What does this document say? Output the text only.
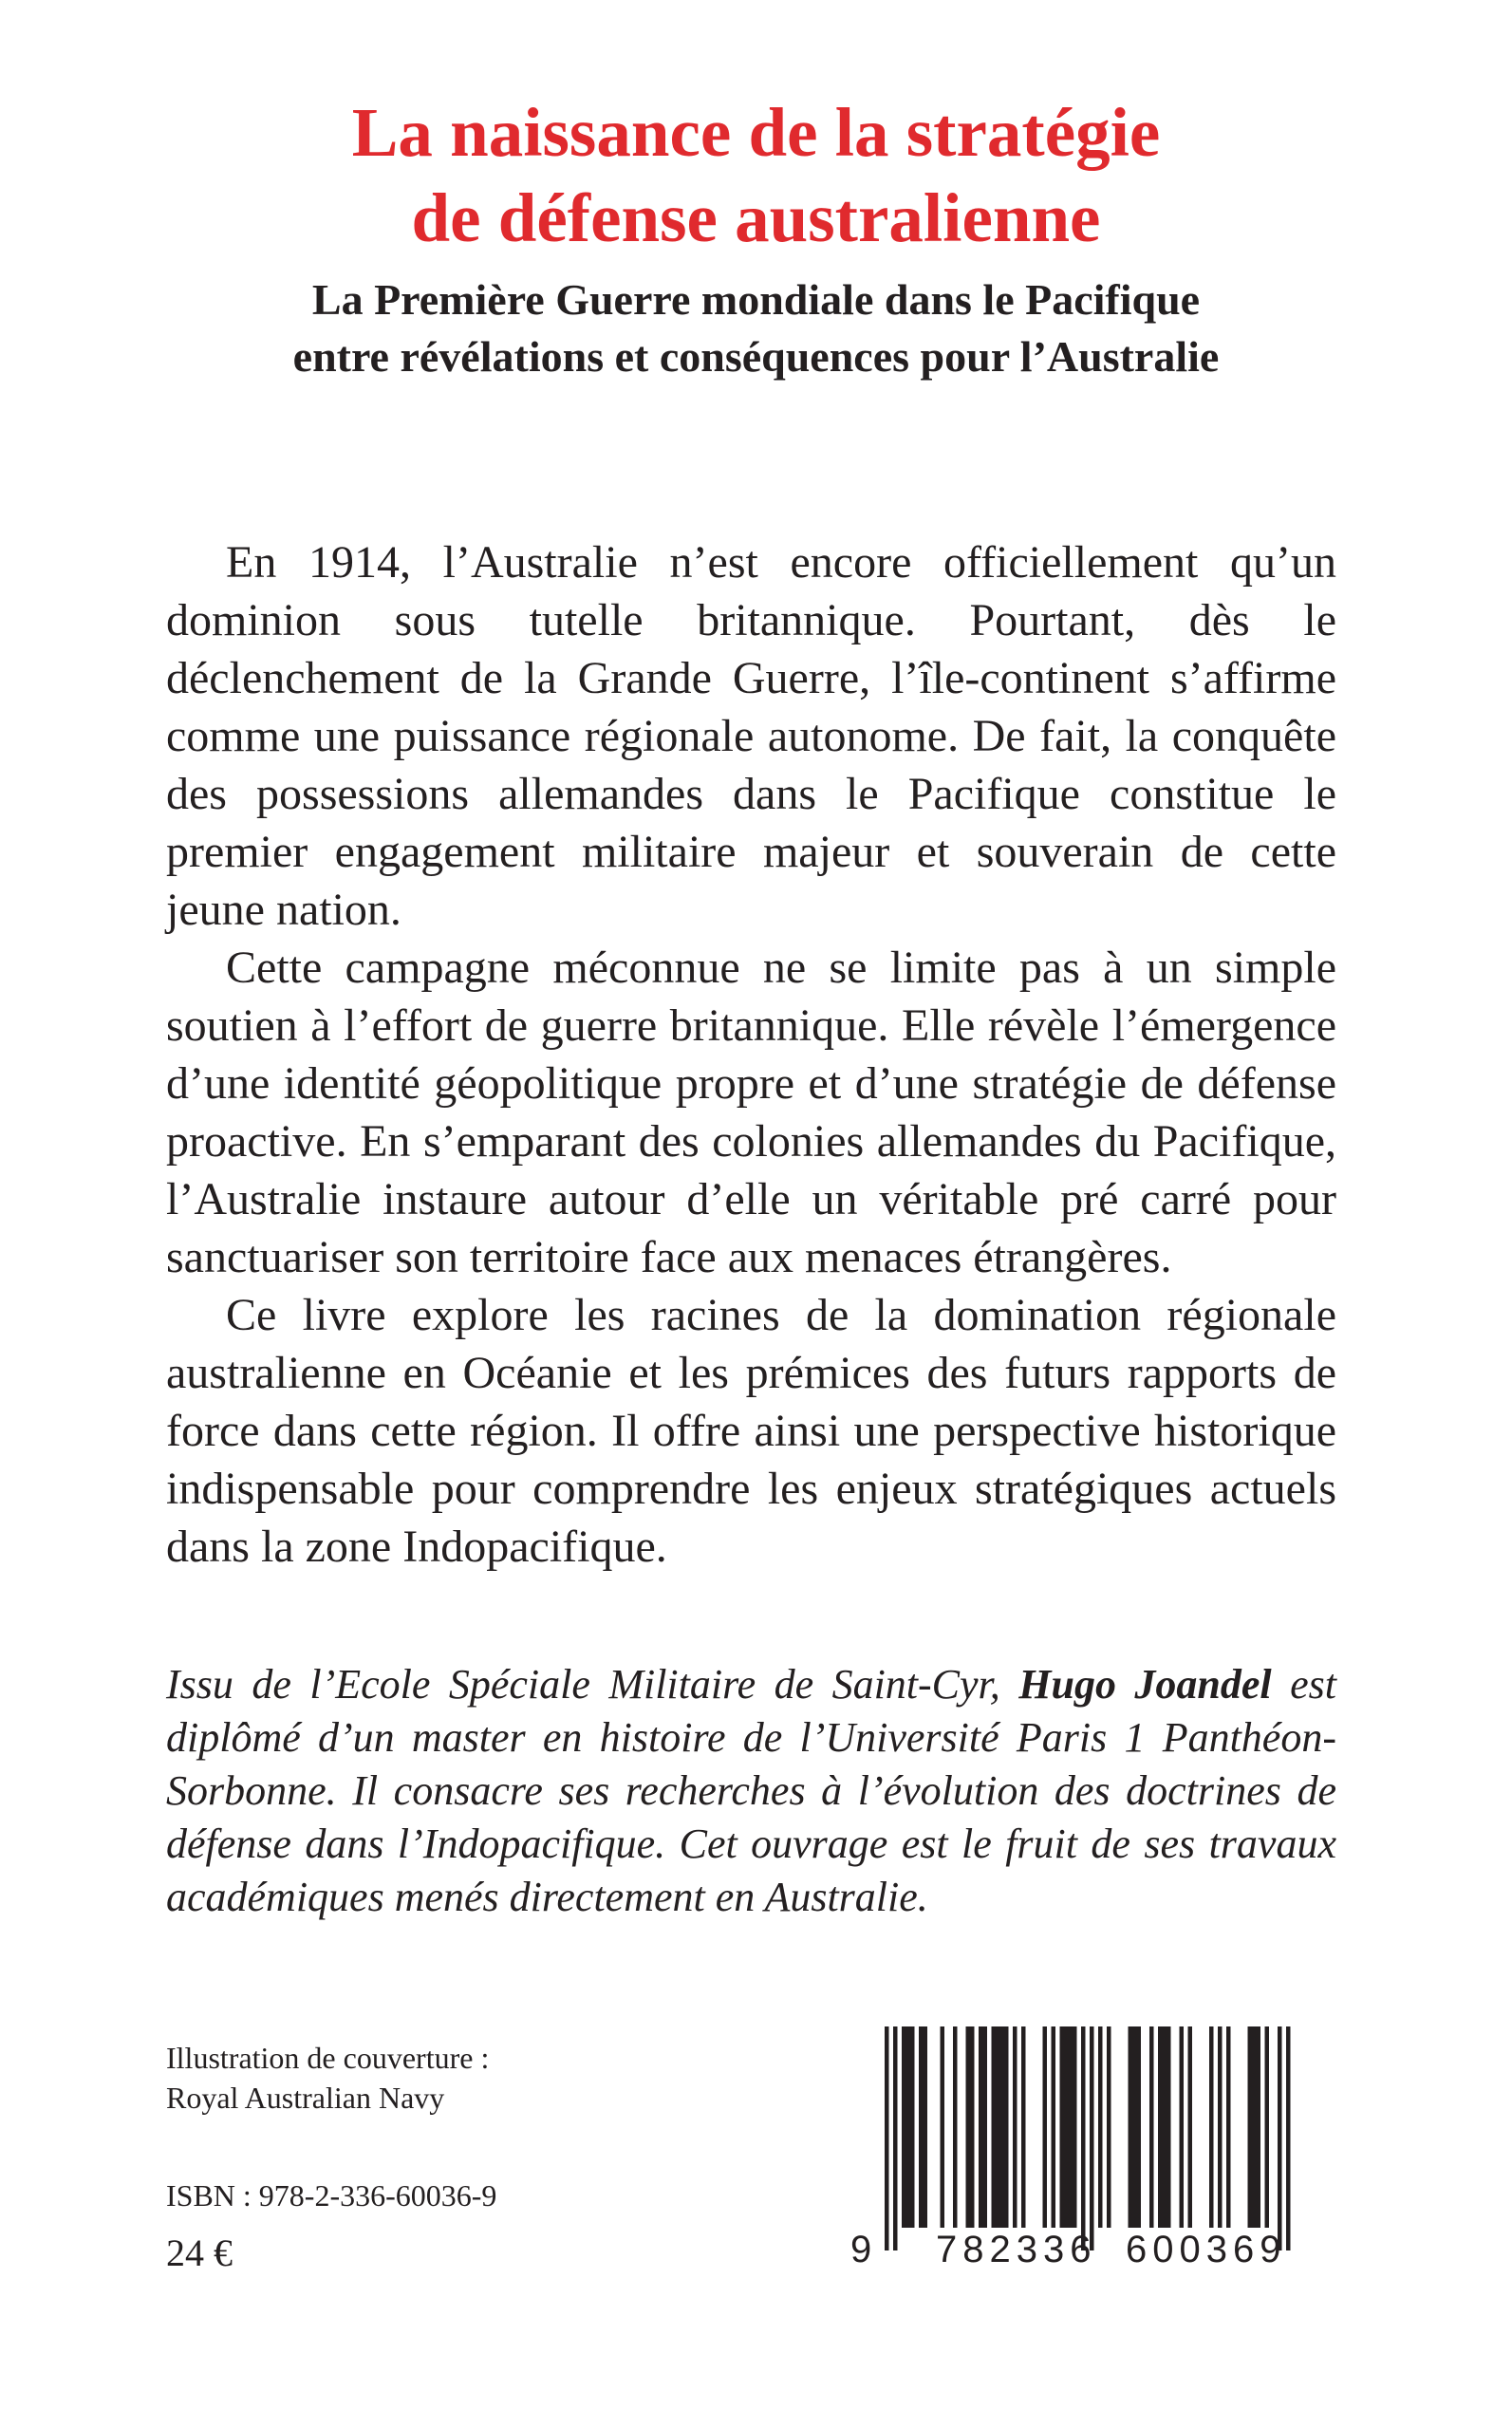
La naissance de la stratégie
de défense australienne
La Première Guerre mondiale dans le Pacifique
entre révélations et conséquences pour l’Australie

En 1914, l’Australie n’est encore officiellement qu’un dominion sous tutelle britannique. Pourtant, dès le déclenchement de la Grande Guerre, l’île-continent s’affirme comme une puissance régionale autonome. De fait, la conquête des possessions allemandes dans le Pacifique constitue le premier engagement militaire majeur et souverain de cette jeune nation.

Cette campagne méconnue ne se limite pas à un simple soutien à l’effort de guerre britannique. Elle révèle l’émergence d’une identité géopolitique propre et d’une stratégie de défense proactive. En s’emparant des colonies allemandes du Pacifique, l’Australie instaure autour d’elle un véritable pré carré pour sanctuariser son territoire face aux menaces étrangères.

Ce livre explore les racines de la domination régionale australienne en Océanie et les prémices des futurs rapports de force dans cette région. Il offre ainsi une perspective historique indispensable pour comprendre les enjeux stratégiques actuels dans la zone Indopacifique.

Issu de l’Ecole Spéciale Militaire de Saint-Cyr, Hugo Joandel est diplômé d’un master en histoire de l’Université Paris 1 Panthéon-Sorbonne. Il consacre ses recherches à l’évolution des doctrines de défense dans l’Indopacifique. Cet ouvrage est le fruit de ses travaux académiques menés directement en Australie.

Illustration de couverture :
Royal Australian Navy
ISBN : 978-2-336-60036-9
24 €	9 782336 600369
